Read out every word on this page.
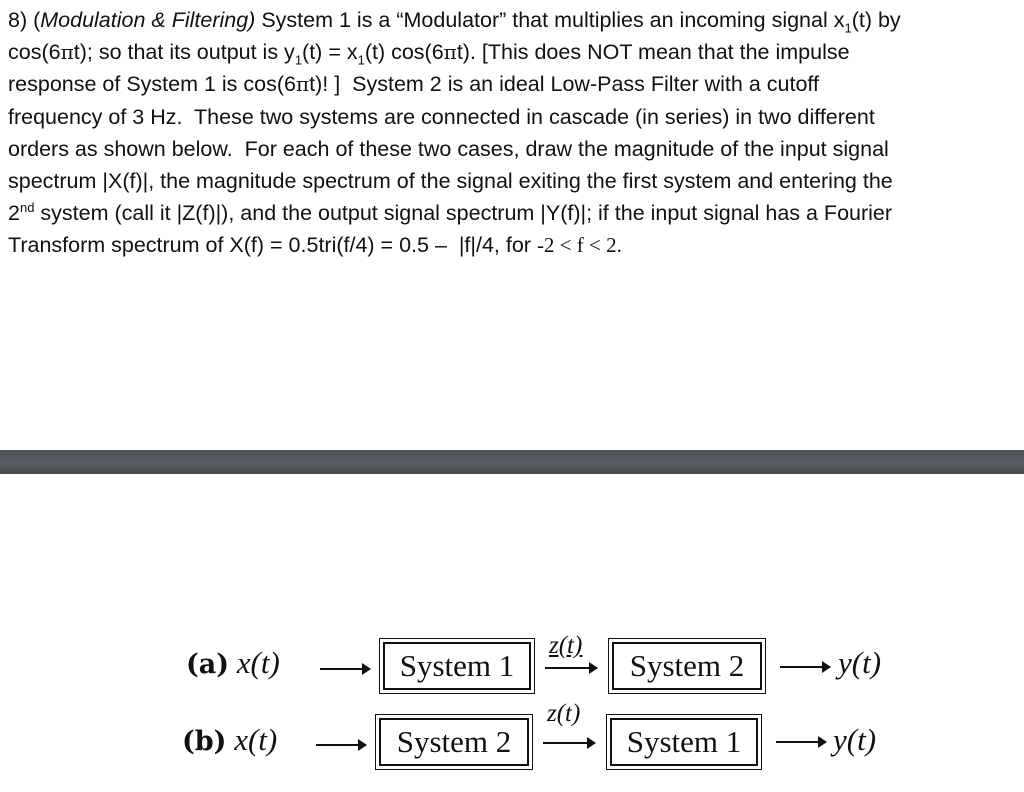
8) (Modulation & Filtering) System 1 is a “Modulator” that multiplies an incoming signal $x_1(t)$ by
cos(6πt); so that its output is $y_1(t) = x_1(t)$ cos(6πt). [This does NOT mean that the impulse
response of System 1 is cos(6πt)! ]  System 2 is an ideal Low-Pass Filter with a cutoff
frequency of 3 Hz.  These two systems are connected in cascade (in series) in two different
orders as shown below.  For each of these two cases, draw the magnitude of the input signal
spectrum |X(f)|, the magnitude spectrum of the signal exiting the first system and entering the
2nd system (call it |Z(f)|), and the output signal spectrum |Y(f)|; if the input signal has a Fourier
Transform spectrum of X(f) = 0.5tri(f/4) = 0.5 –  |f|/4, for -2 < f < 2.
(a) x(t)	System 1
z(t)
System 2	y(t)
(b) x(t)	System 2
z(t)
System 1	y(t)
